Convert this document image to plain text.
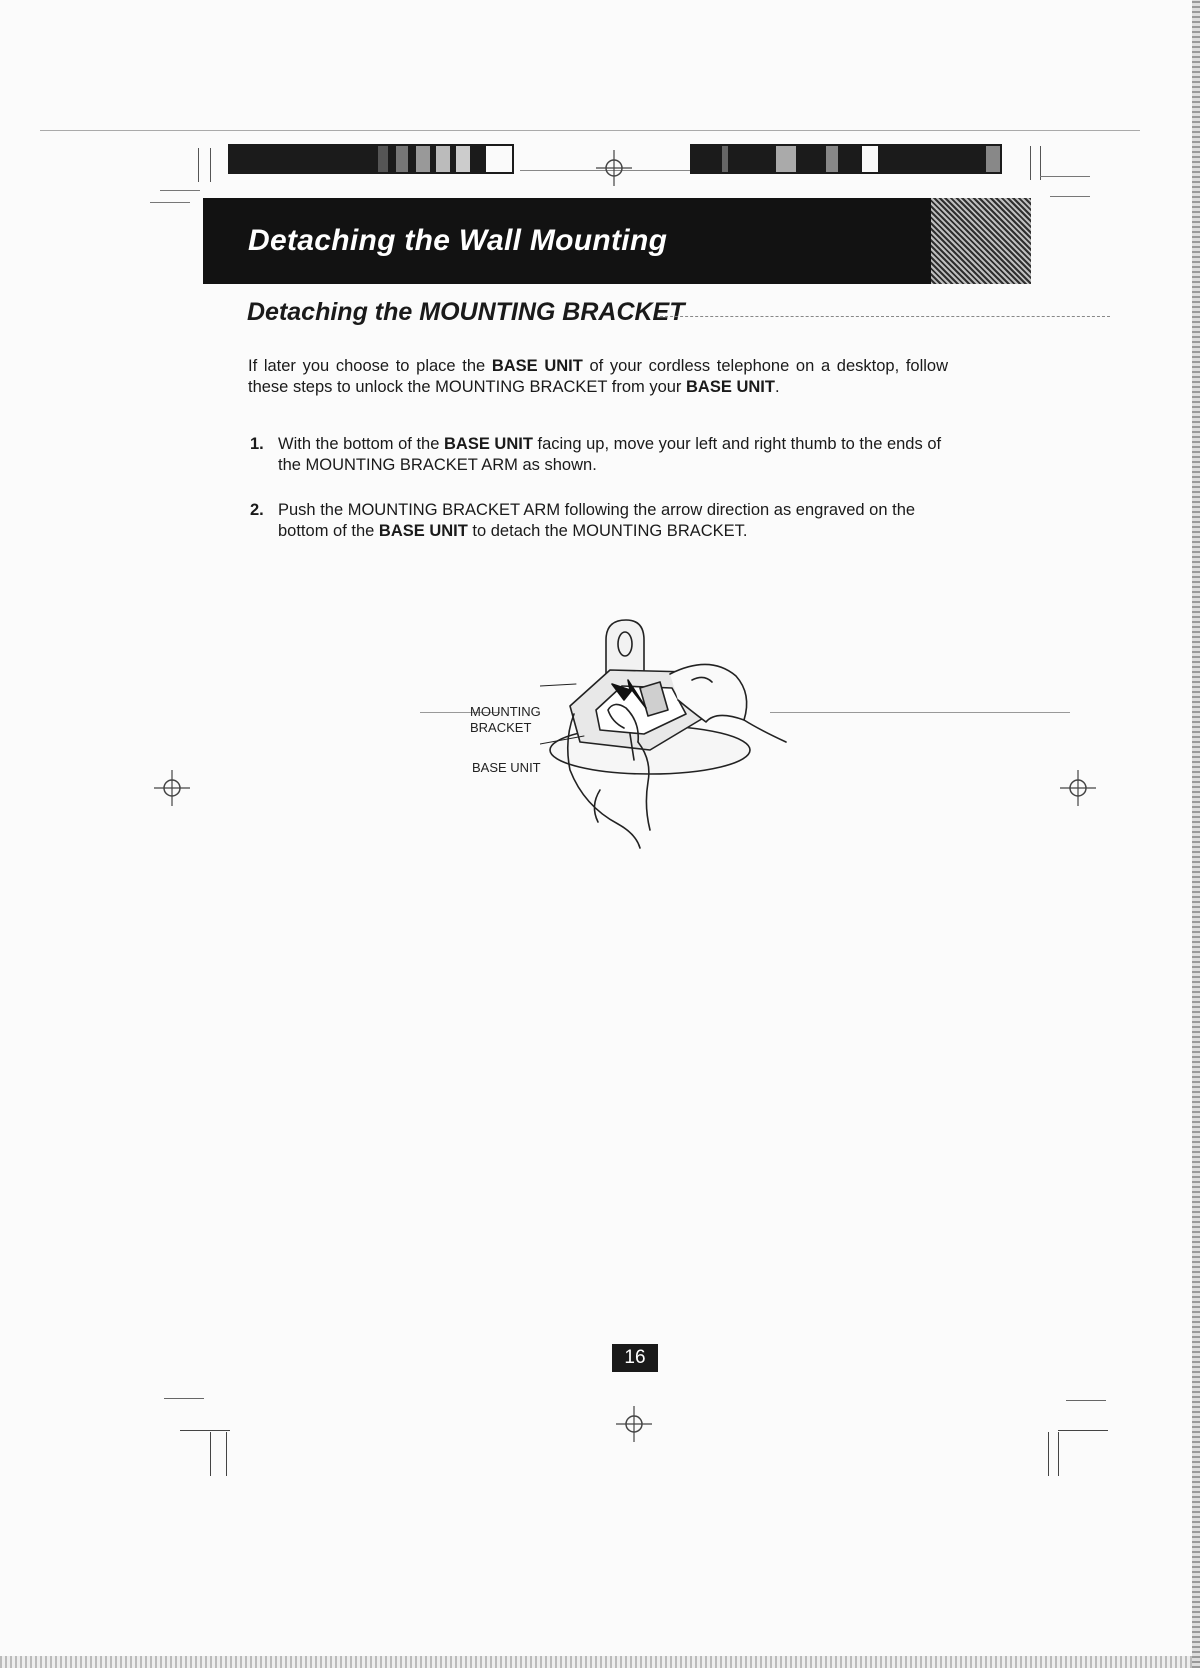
Detaching the Wall Mounting
Detaching the MOUNTING BRACKET
If later you choose to place the BASE UNIT of your cordless telephone on a desktop, follow these steps to unlock the MOUNTING BRACKET from your BASE UNIT.
1. With the bottom of the BASE UNIT facing up, move your left and right thumb to the ends of the MOUNTING BRACKET ARM as shown.
2. Push the MOUNTING BRACKET ARM following the arrow direction as engraved on the bottom of the BASE UNIT to detach the MOUNTING BRACKET.
MOUNTING
BRACKET
BASE UNIT
16
